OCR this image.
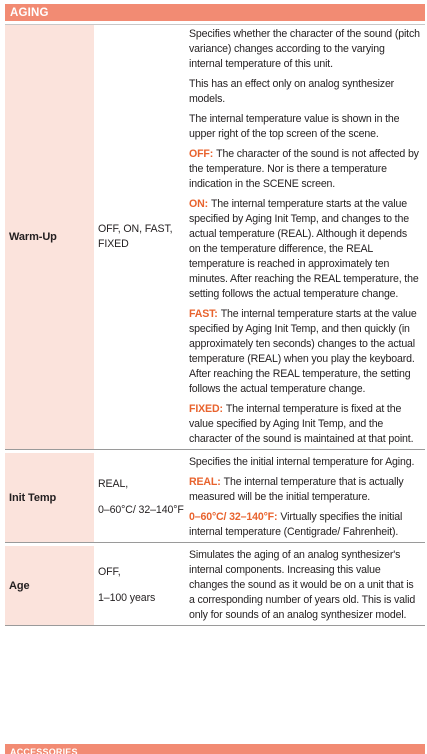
AGING
Warm-Up
OFF, ON, FAST, FIXED

Specifies whether the character of the sound (pitch variance) changes according to the varying internal temperature of this unit.

This has an effect only on analog synthesizer models.

The internal temperature value is shown in the upper right of the top screen of the scene.

OFF: The character of the sound is not affected by the temperature. Nor is there a temperature indication in the SCENE screen.

ON: The internal temperature starts at the value specified by Aging Init Temp, and changes to the actual temperature (REAL). Although it depends on the temperature difference, the REAL temperature is reached in approximately ten minutes. After reaching the REAL temperature, the setting follows the actual temperature change.

FAST: The internal temperature starts at the value specified by Aging Init Temp, and then quickly (in approximately ten seconds) changes to the actual temperature (REAL) when you play the keyboard. After reaching the REAL temperature, the setting follows the actual temperature change.

FIXED: The internal temperature is fixed at the value specified by Aging Init Temp, and the character of the sound is maintained at that point.

Init Temp
REAL,
0–60°C/ 32–140°F

Specifies the initial internal temperature for Aging.

REAL: The internal temperature that is actually measured will be the initial temperature.

0–60°C/ 32–140°F: Virtually specifies the initial internal temperature (Centigrade/ Fahrenheit).

Age
OFF,
1–100 years

Simulates the aging of an analog synthesizer's internal components. Increasing this value changes the sound as it would be on a unit that is a corresponding number of years old. This is valid only for sounds of an analog synthesizer model.

ACCESSORIES
